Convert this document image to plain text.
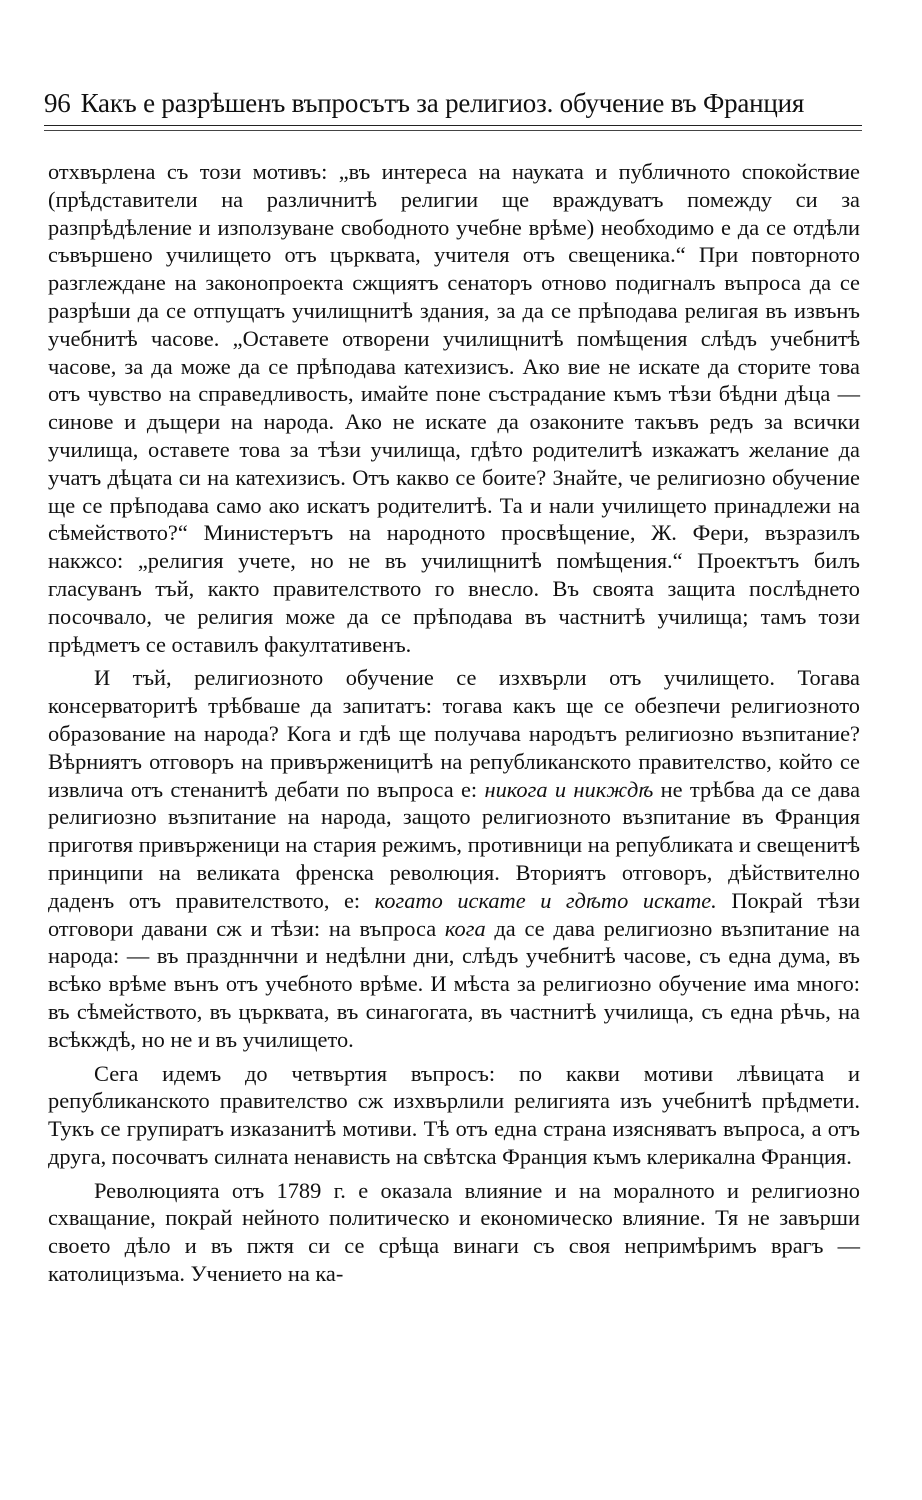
96 Какъ е разрѣшенъ въпросътъ за религиоз. обучение въ Франция

отхвърлена съ този мотивъ: „въ интереса на науката и публичното спокойствие (прѣдставители на различнитѣ религии ще враждуватъ помежду си за разпрѣдѣление и използуване свободното учебне врѣме) необходимо е да се отдѣли съвършено училището отъ църквата, учителя отъ свещеника.“ При повторното разглеждане на законопроекта сжщиятъ сенаторъ отново подигналъ въпроса да се разрѣши да се отпущатъ училищнитѣ здания, за да се прѣподава религая въ извънъ учебнитѣ часове. „Оставете отворени училищнитѣ помѣщения слѣдъ учебнитѣ часове, за да може да се прѣподава катехизисъ. Ако вие не искате да сторите това отъ чувство на справедливость, имайте поне състрадание къмъ тѣзи бѣдни дѣца — синове и дъщери на народа. Ако не искате да озаконите такъвъ редъ за всички училища, оставете това за тѣзи училища, гдѣто родителитѣ изкажатъ желание да учатъ дѣцата си на катехизисъ. Отъ какво се боите? Знайте, че религиозно обучение ще се прѣподава само ако искатъ родителитѣ. Та и нали училището принадлежи на сѣмейството?“ Министерътъ на народното просвѣщение, Ж. Фери, възразилъ накжсо: „религия учете, но не въ училищнитѣ помѣщения.“ Проектътъ билъ гласуванъ тъй, както правителството го внесло. Въ своята защита послѣднето посочвало, че религия може да се прѣподава въ частнитѣ училища; тамъ този прѣдметъ се оставилъ факултативенъ.

И тъй, религиозното обучение се изхвърли отъ училището. Тогава консерваторитѣ трѣбваше да запитатъ: тогава какъ ще се обезпечи религиозното образование на народа? Кога и гдѣ ще получава народътъ религиозно възпитание? Вѣрниятъ отговоръ на привърженицитѣ на републиканското правителство, който се извлича отъ стенанитѣ дебати по въпроса е: никога и никждѣ не трѣбва да се дава религиозно възпитание на народа, защото религиозното възпитание въ Франция приготвя привърженици на стария режимъ, противници на републиката и свещенитѣ принципи на великата френска революция. Вториятъ отговоръ, дѣйствително даденъ отъ правителството, е: когато искате и гдѣто искате. Покрай тѣзи отговори давани сж и тѣзи: на въпроса кога да се дава религиозно възпитание на народа: — въ праздннчни и недѣлни дни, слѣдъ учебнитѣ часове, съ една дума, въ всѣко врѣме вънъ отъ учебното врѣме. И мѣста за религиозно обучение има много: въ сѣмейството, въ църквата, въ синагогата, въ частнитѣ училища, съ една рѣчь, на всѣкждѣ, но не и въ училището.

Сега идемъ до четвъртия въпросъ: по какви мотиви лѣвицата и републиканското правителство сж изхвърлили религията изъ учебнитѣ прѣдмети. Тукъ се групиратъ изказанитѣ мотиви. Тѣ отъ една страна изясняватъ въпроса, а отъ друга, посочватъ силната ненависть на свѣтска Франция къмъ клерикална Франция.

Революцията отъ 1789 г. е оказала влияние и на моралното и религиозно схващание, покрай нейното политическо и економическо влияние. Тя не завърши своето дѣло и въ пжтя си се срѣща винаги съ своя непримѣримъ врагъ — католицизъма. Учението на ка-
